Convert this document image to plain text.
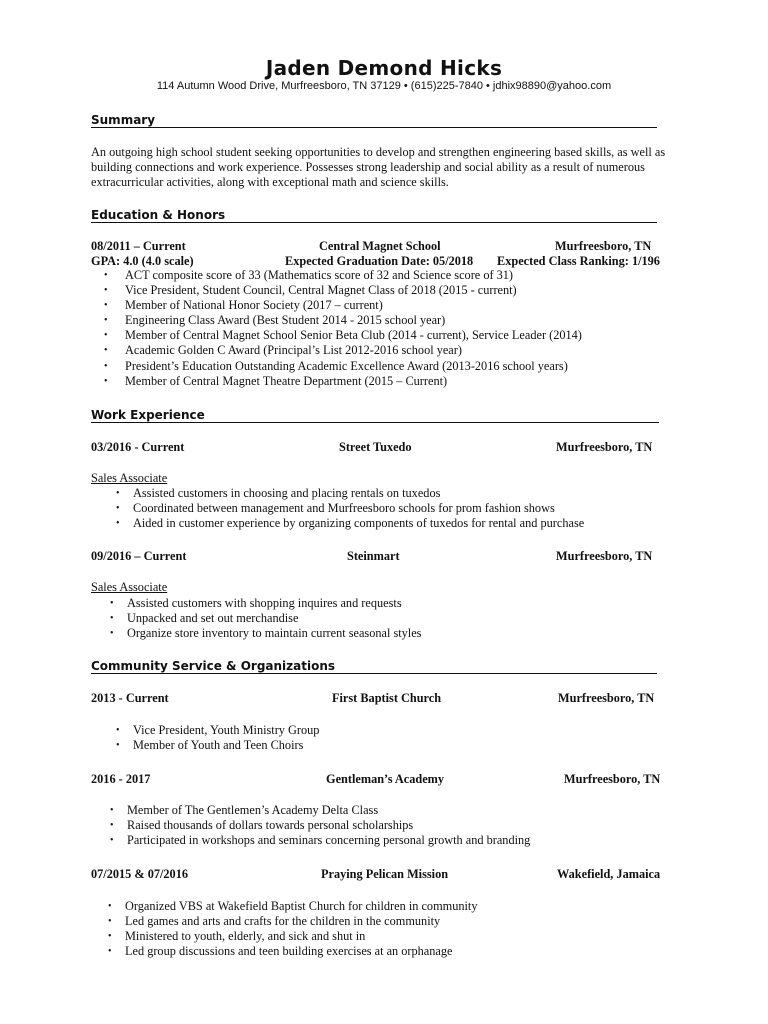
Jaden Demond Hicks
114 Autumn Wood Drive, Murfreesboro, TN 37129 • (615)225-7840 • jdhix98890@yahoo.com
Summary
An outgoing high school student seeking opportunities to develop and strengthen engineering based skills, as well as
building connections and work experience. Possesses strong leadership and social ability as a result of numerous
extracurricular activities, along with exceptional math and science skills.
Education & Honors
08/2011 – Current	Central Magnet School	Murfreesboro, TN
GPA: 4.0 (4.0 scale)	Expected Graduation Date: 05/2018 Expected Class Ranking: 1/196
• ACT composite score of 33 (Mathematics score of 32 and Science score of 31)
• Vice President, Student Council, Central Magnet Class of 2018 (2015 - current)
• Member of National Honor Society (2017 – current)
• Engineering Class Award (Best Student 2014 - 2015 school year)
• Member of Central Magnet School Senior Beta Club (2014 - current), Service Leader (2014)
• Academic Golden C Award (Principal’s List 2012-2016 school year)
• President’s Education Outstanding Academic Excellence Award (2013-2016 school years)
• Member of Central Magnet Theatre Department (2015 – Current)
Work Experience
03/2016 - Current	Street Tuxedo	Murfreesboro, TN
Sales Associate
• Assisted customers in choosing and placing rentals on tuxedos
• Coordinated between management and Murfreesboro schools for prom fashion shows
• Aided in customer experience by organizing components of tuxedos for rental and purchase
09/2016 – Current	Steinmart	Murfreesboro, TN
Sales Associate
• Assisted customers with shopping inquires and requests
• Unpacked and set out merchandise
• Organize store inventory to maintain current seasonal styles
Community Service & Organizations
2013 - Current	First Baptist Church	Murfreesboro, TN
• Vice President, Youth Ministry Group
• Member of Youth and Teen Choirs
2016 - 2017	Gentleman’s Academy	Murfreesboro, TN
• Member of The Gentlemen’s Academy Delta Class
• Raised thousands of dollars towards personal scholarships
• Participated in workshops and seminars concerning personal growth and branding
07/2015 & 07/2016	Praying Pelican Mission	Wakefield, Jamaica
• Organized VBS at Wakefield Baptist Church for children in community
• Led games and arts and crafts for the children in the community
• Ministered to youth, elderly, and sick and shut in
• Led group discussions and teen building exercises at an orphanage
